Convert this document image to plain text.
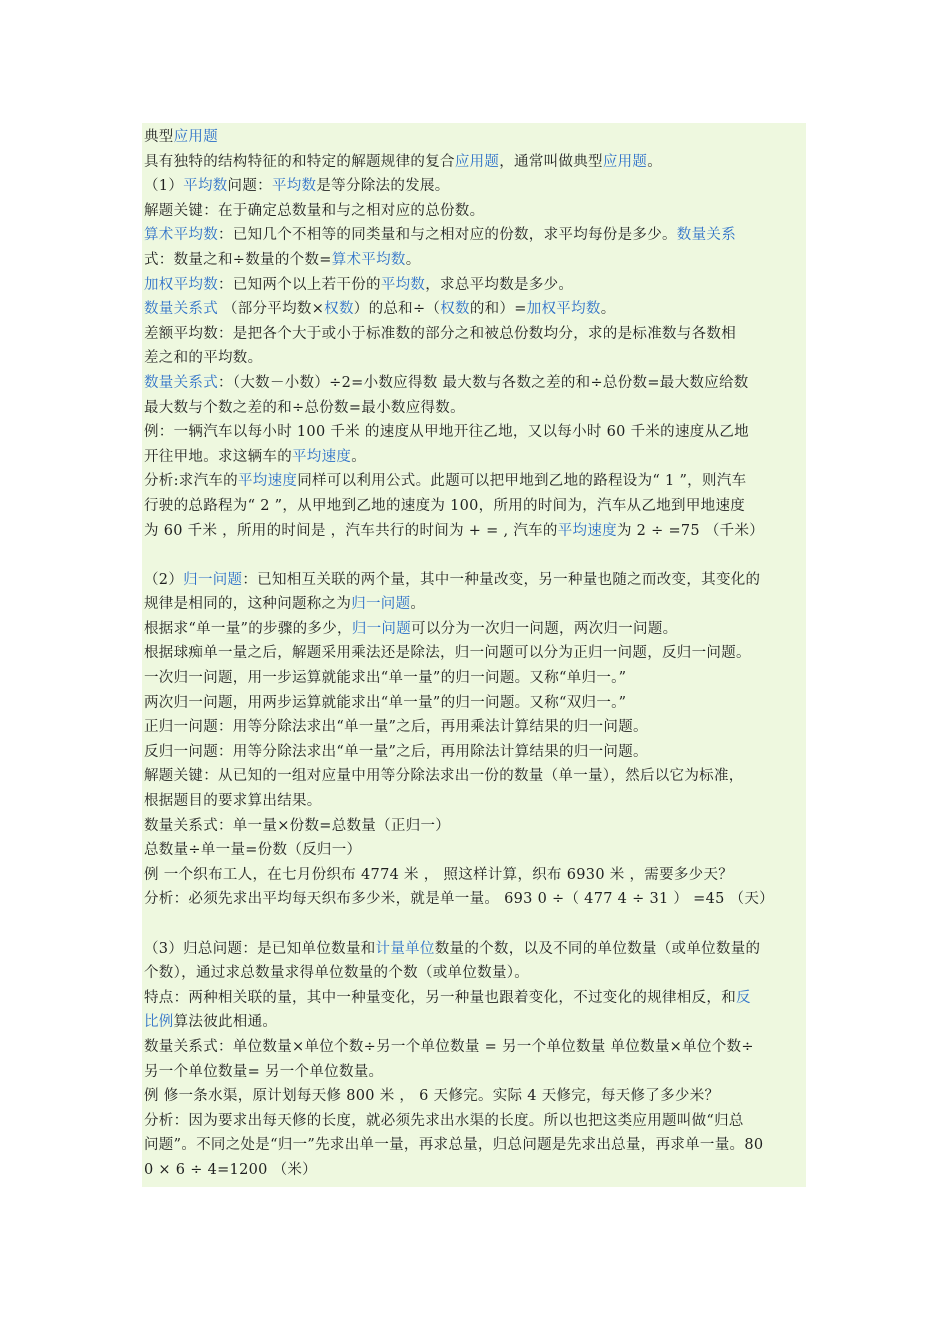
典型应用题
具有独特的结构特征的和特定的解题规律的复合应用题，通常叫做典型应用题。
（1）平均数问题：平均数是等分除法的发展。
解题关键：在于确定总数量和与之相对应的总份数。
算术平均数：已知几个不相等的同类量和与之相对应的份数，求平均每份是多少。数量关系
式：数量之和÷数量的个数=算术平均数。
加权平均数：已知两个以上若干份的平均数，求总平均数是多少。
数量关系式 （部分平均数×权数）的总和÷（权数的和）=加权平均数。
差额平均数：是把各个大于或小于标准数的部分之和被总份数均分，求的是标准数与各数相
差之和的平均数。
数量关系式：（大数－小数）÷2=小数应得数 最大数与各数之差的和÷总份数=最大数应给数
最大数与个数之差的和÷总份数=最小数应得数。
例：一辆汽车以每小时 100 千米 的速度从甲地开往乙地，又以每小时 60 千米的速度从乙地
开往甲地。求这辆车的平均速度。
分析:求汽车的平均速度同样可以利用公式。此题可以把甲地到乙地的路程设为“ 1 ”，则汽车
行驶的总路程为“ 2 ”，从甲地到乙地的速度为 100，所用的时间为，汽车从乙地到甲地速度
为 60 千米 ，所用的时间是 ，汽车共行的时间为 + = , 汽车的平均速度为 2 ÷ =75 （千米）
（2）归一问题：已知相互关联的两个量，其中一种量改变，另一种量也随之而改变，其变化的
规律是相同的，这种问题称之为归一问题。
根据求“单一量”的步骤的多少，归一问题可以分为一次归一问题，两次归一问题。
根据球痴单一量之后，解题采用乘法还是除法，归一问题可以分为正归一问题，反归一问题。
一次归一问题，用一步运算就能求出“单一量”的归一问题。又称“单归一。”
两次归一问题，用两步运算就能求出“单一量”的归一问题。又称“双归一。”
正归一问题：用等分除法求出“单一量”之后，再用乘法计算结果的归一问题。
反归一问题：用等分除法求出“单一量”之后，再用除法计算结果的归一问题。
解题关键：从已知的一组对应量中用等分除法求出一份的数量（单一量），然后以它为标准，
根据题目的要求算出结果。
数量关系式：单一量×份数=总数量（正归一）
总数量÷单一量=份数（反归一）
例 一个织布工人，在七月份织布 4774 米 ， 照这样计算，织布 6930 米 ，需要多少天？
分析：必须先求出平均每天织布多少米，就是单一量。 693 0 ÷（ 477 4 ÷ 31 ） =45 （天）
（3）归总问题：是已知单位数量和计量单位数量的个数，以及不同的单位数量（或单位数量的
个数），通过求总数量求得单位数量的个数（或单位数量）。
特点：两种相关联的量，其中一种量变化，另一种量也跟着变化，不过变化的规律相反，和反
比例算法彼此相通。
数量关系式：单位数量×单位个数÷另一个单位数量 = 另一个单位数量 单位数量×单位个数÷
另一个单位数量= 另一个单位数量。
例 修一条水渠，原计划每天修 800 米 ， 6 天修完。实际 4 天修完，每天修了多少米？
分析：因为要求出每天修的长度，就必须先求出水渠的长度。所以也把这类应用题叫做“归总
问题”。不同之处是“归一”先求出单一量，再求总量，归总问题是先求出总量，再求单一量。80
0 × 6 ÷ 4=1200 （米）
